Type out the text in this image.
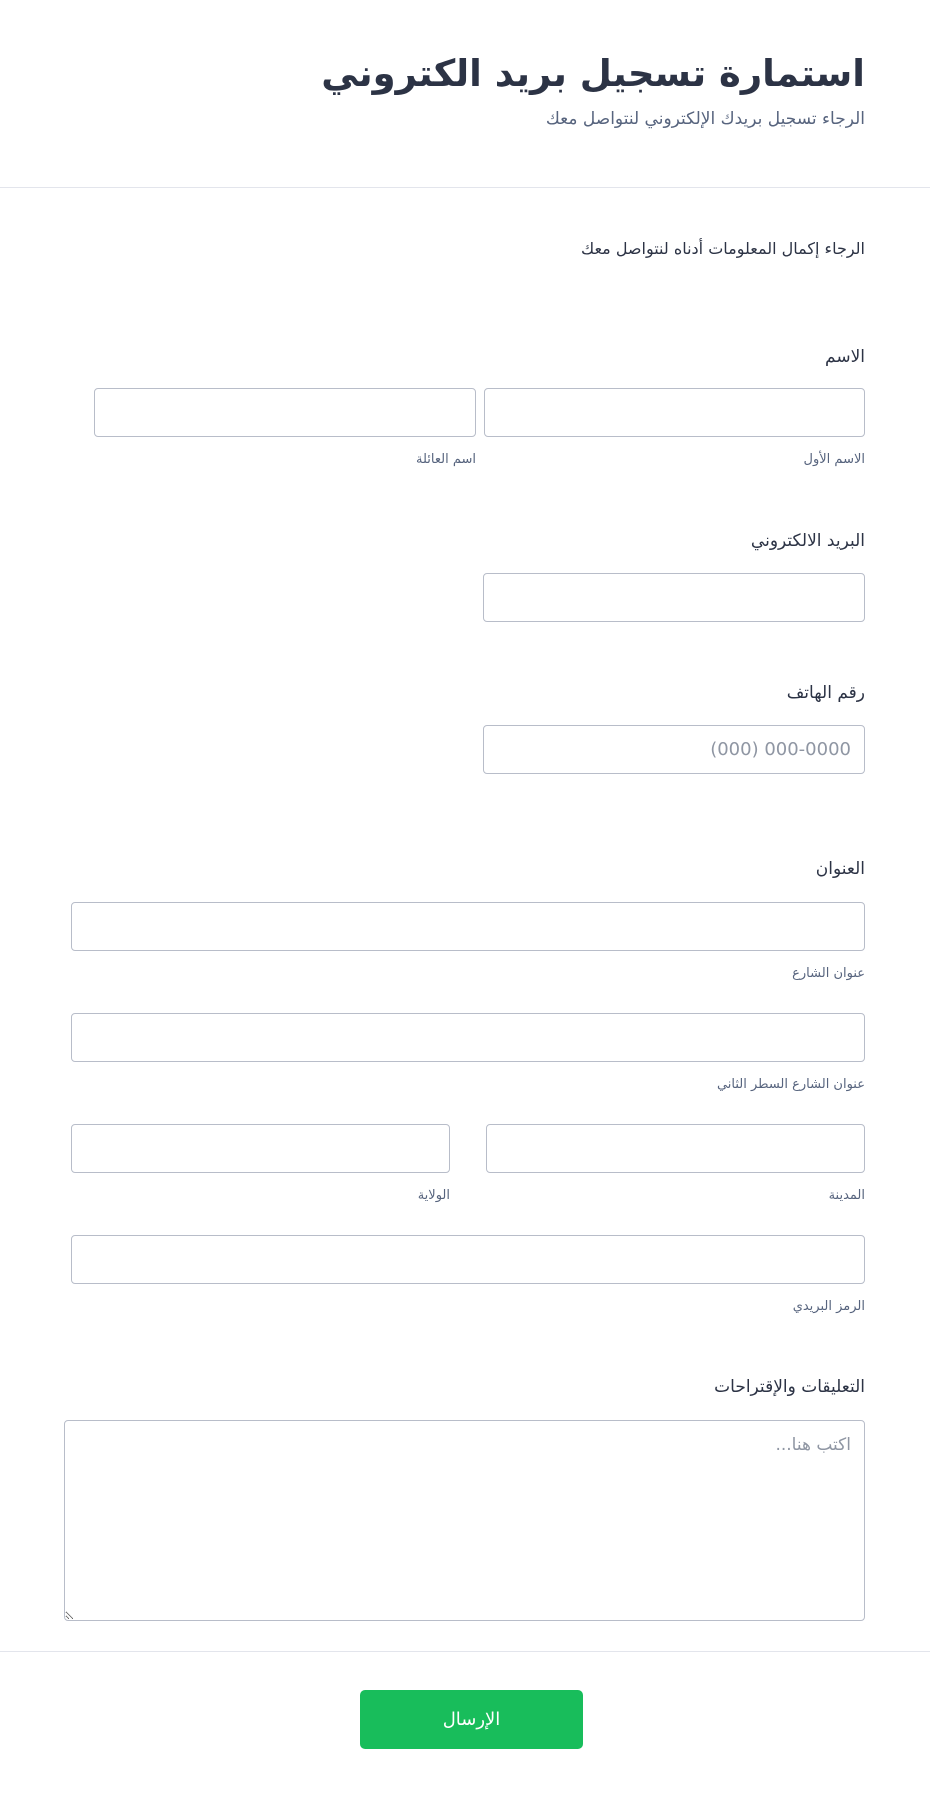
استمارة تسجيل بريد الكتروني
الرجاء تسجيل بريدك الإلكتروني لنتواصل معك
الرجاء إكمال المعلومات أدناه لنتواصل معك
الاسم
الاسم الأول
اسم العائلة
البريد الالكتروني
رقم الهاتف
(000) 000-0000
العنوان
عنوان الشارع
عنوان الشارع السطر الثاني
المدينة
الولاية
الرمز البريدي
التعليقات والإقتراحات
اكتب هنا...
الإرسال
